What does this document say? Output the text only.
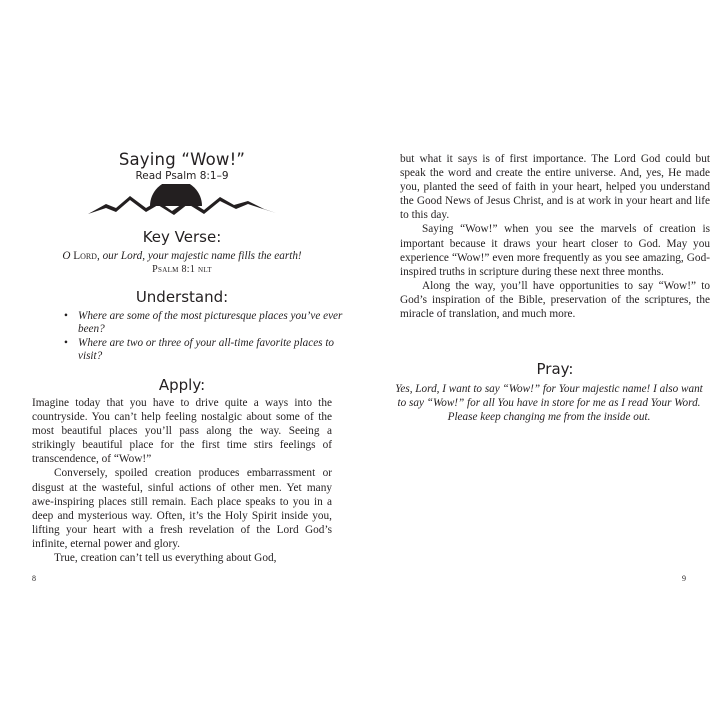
Saying “Wow!”
Read Psalm 8:1–9
Key Verse:
O Lord, our Lord, your majestic name fills the earth!
Psalm 8:1 nlt
Understand:
• Where are some of the most picturesque places you’ve ever been?
• Where are two or three of your all-time favorite places to visit?
Apply:

Imagine today that you have to drive quite a ways into the countryside. You can’t help feeling nostalgic about some of the most beautiful places you’ll pass along the way. Seeing a strikingly beautiful place for the first time stirs feelings of transcendence, of “Wow!”

Conversely, spoiled creation produces embarrassment or disgust at the wasteful, sinful actions of other men. Yet many awe-inspiring places still remain. Each place speaks to you in a deep and mysterious way. Often, it’s the Holy Spirit inside you, lifting your heart with a fresh revelation of the Lord God’s infinite, eternal power and glory.

True, creation can’t tell us everything about God,

8

but what it says is of first importance. The Lord God could but speak the word and create the entire universe. And, yes, He made you, planted the seed of faith in your heart, helped you understand the Good News of Jesus Christ, and is at work in your heart and life to this day.

Saying “Wow!” when you see the marvels of creation is important because it draws your heart closer to God. May you experience “Wow!” even more frequently as you see amazing, God-inspired truths in scripture during these next three months.

Along the way, you’ll have opportunities to say “Wow!” to God’s inspiration of the Bible, preservation of the scriptures, the miracle of translation, and much more.

Pray:
Yes, Lord, I want to say “Wow!” for Your majestic name! I also want to say “Wow!” for all You have in store for me as I read Your Word. Please keep changing me from the inside out.
9
